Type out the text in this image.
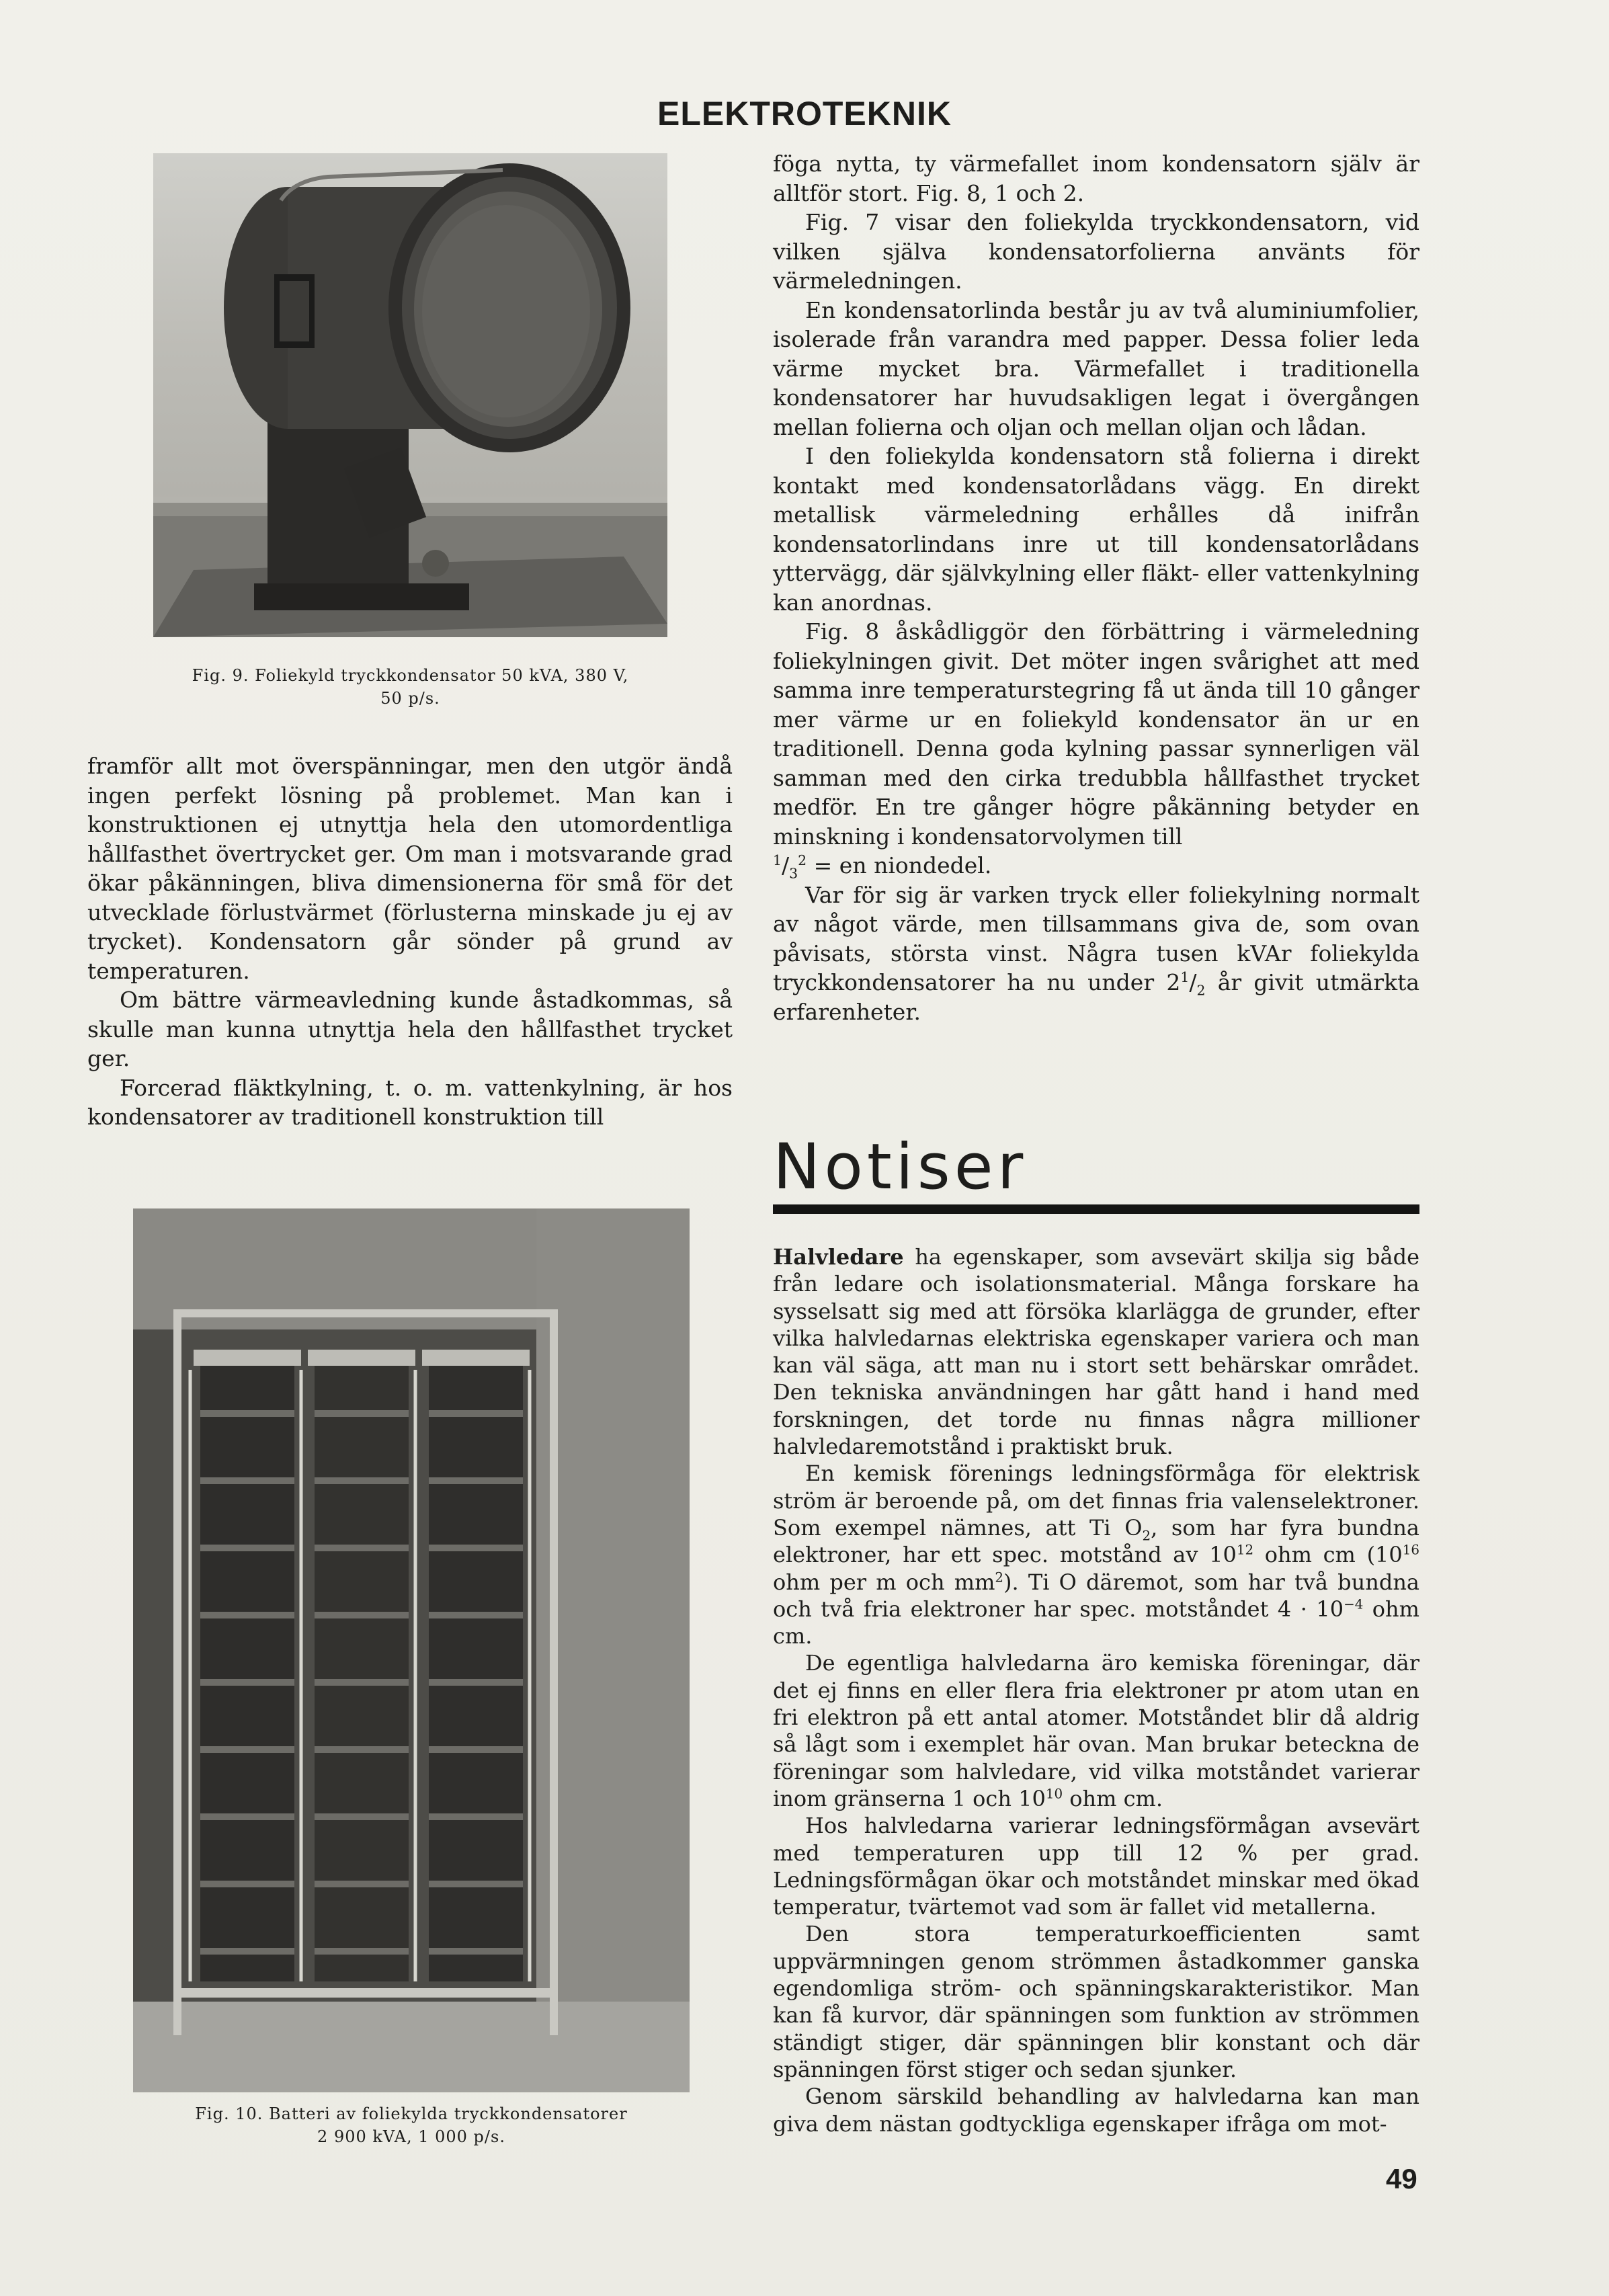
ELEKTROTEKNIK
Fig. 9. Foliekyld tryckkondensator 50 kVA, 380 V,
50 p/s.

framför allt mot överspänningar, men den utgör ändå ingen perfekt lösning på problemet. Man kan i konstruktionen ej utnyttja hela den utomordentliga hållfasthet övertrycket ger. Om man i motsvarande grad ökar påkänningen, bliva dimensionerna för små för det utvecklade förlustvärmet (förlusterna minskade ju ej av trycket). Kondensatorn går sönder på grund av temperaturen.

Om bättre värmeavledning kunde åstadkommas, så skulle man kunna utnyttja hela den hållfasthet trycket ger.

Forcerad fläktkylning, t. o. m. vattenkylning, är hos kondensatorer av traditionell konstruktion till

Fig. 10. Batteri av foliekylda tryckkondensatorer
2 900 kVA, 1 000 p/s.

föga nytta, ty värmefallet inom kondensatorn själv är alltför stort. Fig. 8, 1 och 2.

Fig. 7 visar den foliekylda tryckkondensatorn, vid vilken själva kondensatorfolierna använts för värmeledningen.

En kondensatorlinda består ju av två aluminiumfolier, isolerade från varandra med papper. Dessa folier leda värme mycket bra. Värmefallet i traditionella kondensatorer har huvudsakligen legat i övergången mellan folierna och oljan och mellan oljan och lådan.

I den foliekylda kondensatorn stå folierna i direkt kontakt med kondensatorlådans vägg. En direkt metallisk värmeledning erhålles då inifrån kondensatorlindans inre ut till kondensatorlådans yttervägg, där självkylning eller fläkt- eller vattenkylning kan anordnas.

Fig. 8 åskådliggör den förbättring i värmeledning foliekylningen givit. Det möter ingen svårighet att med samma inre temperaturstegring få ut ända till 10 gånger mer värme ur en foliekyld kondensator än ur en traditionell. Denna goda kylning passar synnerligen väl samman med den cirka tredubbla hållfasthet trycket medför. En tre gånger högre påkänning betyder en minskning i kondensatorvolymen till
$^1/_3^2$ = en niondedel.

Var för sig är varken tryck eller foliekylning normalt av något värde, men tillsammans giva de, som ovan påvisats, största vinst. Några tusen kVAr foliekylda tryckkondensatorer ha nu under $2^1/_2$ år givit utmärkta erfarenheter.

Notiser

Halvledare ha egenskaper, som avsevärt skilja sig både från ledare och isolationsmaterial. Många forskare ha sysselsatt sig med att försöka klarlägga de grunder, efter vilka halvledarnas elektriska egenskaper variera och man kan väl säga, att man nu i stort sett behärskar området. Den tekniska användningen har gått hand i hand med forskningen, det torde nu finnas några millioner halvledaremotstånd i praktiskt bruk.

En kemisk förenings ledningsförmåga för elektrisk ström är beroende på, om det finnas fria valenselektroner. Som exempel nämnes, att Ti $O_2$, som har fyra bundna elektroner, har ett spec. motstånd av $10^{12}$ ohm cm ($10^{16}$ ohm per m och $mm^2$). Ti O däremot, som har två bundna och två fria elektroner har spec. motståndet $4 \cdot 10^{-4}$ ohm cm.

De egentliga halvledarna äro kemiska föreningar, där det ej finns en eller flera fria elektroner pr atom utan en fri elektron på ett antal atomer. Motståndet blir då aldrig så lågt som i exemplet här ovan. Man brukar beteckna de föreningar som halvledare, vid vilka motståndet varierar inom gränserna 1 och $10^{10}$ ohm cm.

Hos halvledarna varierar ledningsförmågan avsevärt med temperaturen upp till 12 % per grad. Ledningsförmågan ökar och motståndet minskar med ökad temperatur, tvärtemot vad som är fallet vid metallerna.

Den stora temperaturkoefficienten samt uppvärmningen genom strömmen åstadkommer ganska egendomliga ström- och spänningskarakteristikor. Man kan få kurvor, där spänningen som funktion av strömmen ständigt stiger, där spänningen blir konstant och där spänningen först stiger och sedan sjunker.

Genom särskild behandling av halvledarna kan man giva dem nästan godtyckliga egenskaper ifråga om mot-

49
